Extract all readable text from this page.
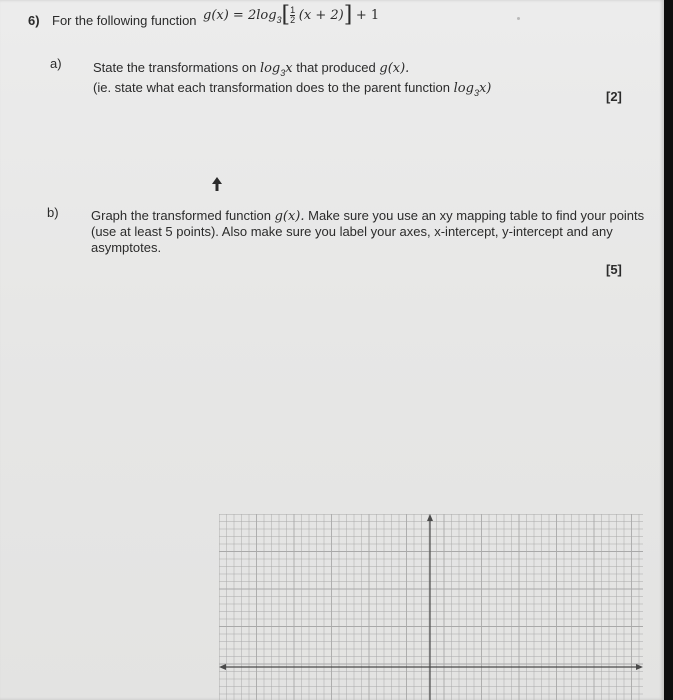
6) For the following function $g(x) = 2\log_3[ \frac{1}{2} (x + 2)] + 1$
a) State the transformations on $\log_3x$ that produced g(x).
(ie. state what each transformation does to the parent function $\log_3x$)
[2]
b) Graph the transformed function g(x). Make sure you use an xy mapping table to find your points
(use at least 5 points). Also make sure you label your axes, x-intercept, y-intercept and any
asymptotes.
[5]
